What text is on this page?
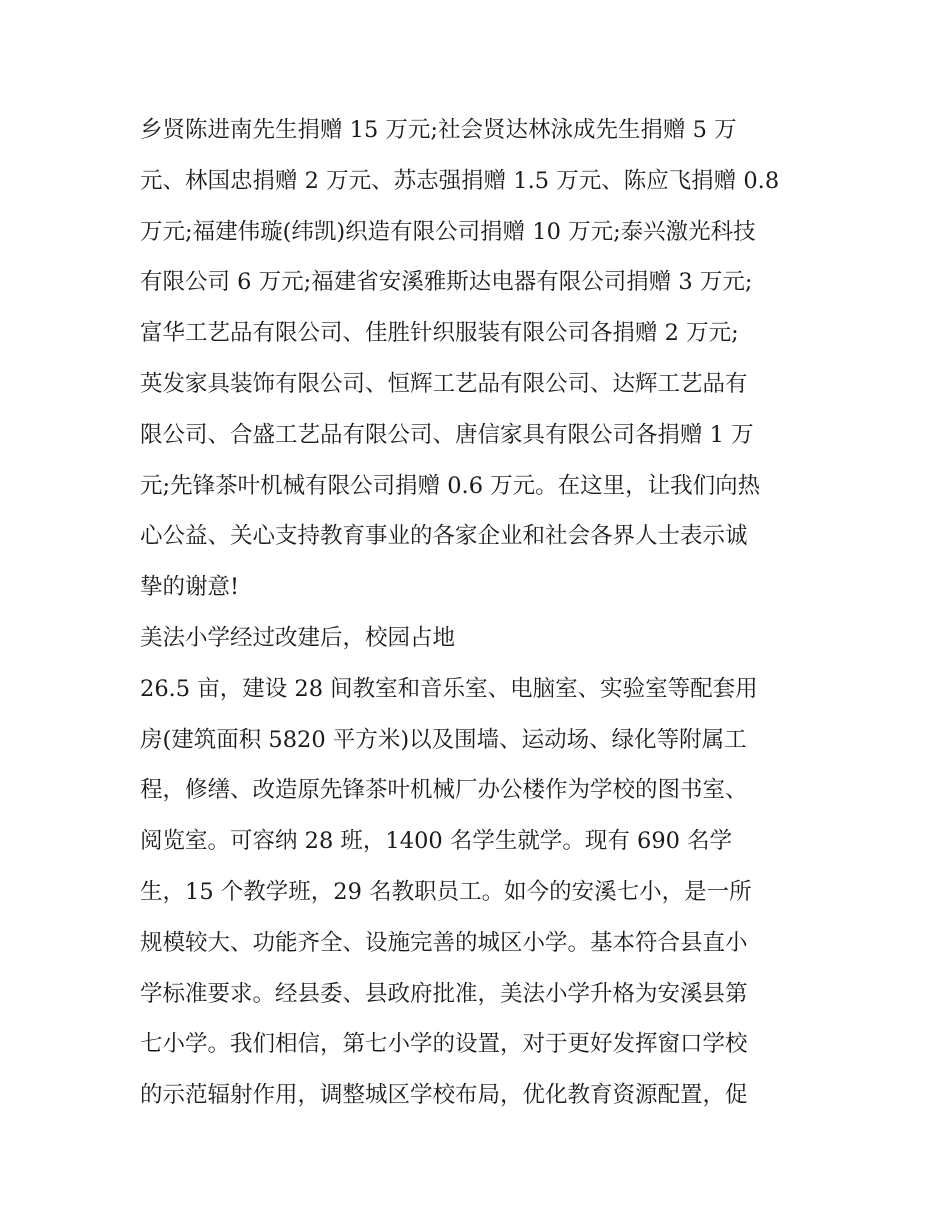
乡贤陈进南先生捐赠 15 万元;社会贤达林泳成先生捐赠 5 万
元、林国忠捐赠 2 万元、苏志强捐赠 1.5 万元、陈应飞捐赠 0.8
万元;福建伟璇(纬凯)织造有限公司捐赠 10 万元;泰兴激光科技
有限公司 6 万元;福建省安溪雅斯达电器有限公司捐赠 3 万元;
富华工艺品有限公司、佳胜针织服装有限公司各捐赠 2 万元;
英发家具装饰有限公司、恒辉工艺品有限公司、达辉工艺品有
限公司、合盛工艺品有限公司、唐信家具有限公司各捐赠 1 万
元;先锋茶叶机械有限公司捐赠 0.6 万元。在这里，让我们向热
心公益、关心支持教育事业的各家企业和社会各界人士表示诚
挚的谢意!
美法小学经过改建后，校园占地
26.5 亩，建设 28 间教室和音乐室、电脑室、实验室等配套用
房(建筑面积 5820 平方米)以及围墙、运动场、绿化等附属工
程，修缮、改造原先锋茶叶机械厂办公楼作为学校的图书室、
阅览室。可容纳 28 班，1400 名学生就学。现有 690 名学
生，15 个教学班，29 名教职员工。如今的安溪七小，是一所
规模较大、功能齐全、设施完善的城区小学。基本符合县直小
学标准要求。经县委、县政府批准，美法小学升格为安溪县第
七小学。我们相信，第七小学的设置，对于更好发挥窗口学校
的示范辐射作用，调整城区学校布局，优化教育资源配置，促
